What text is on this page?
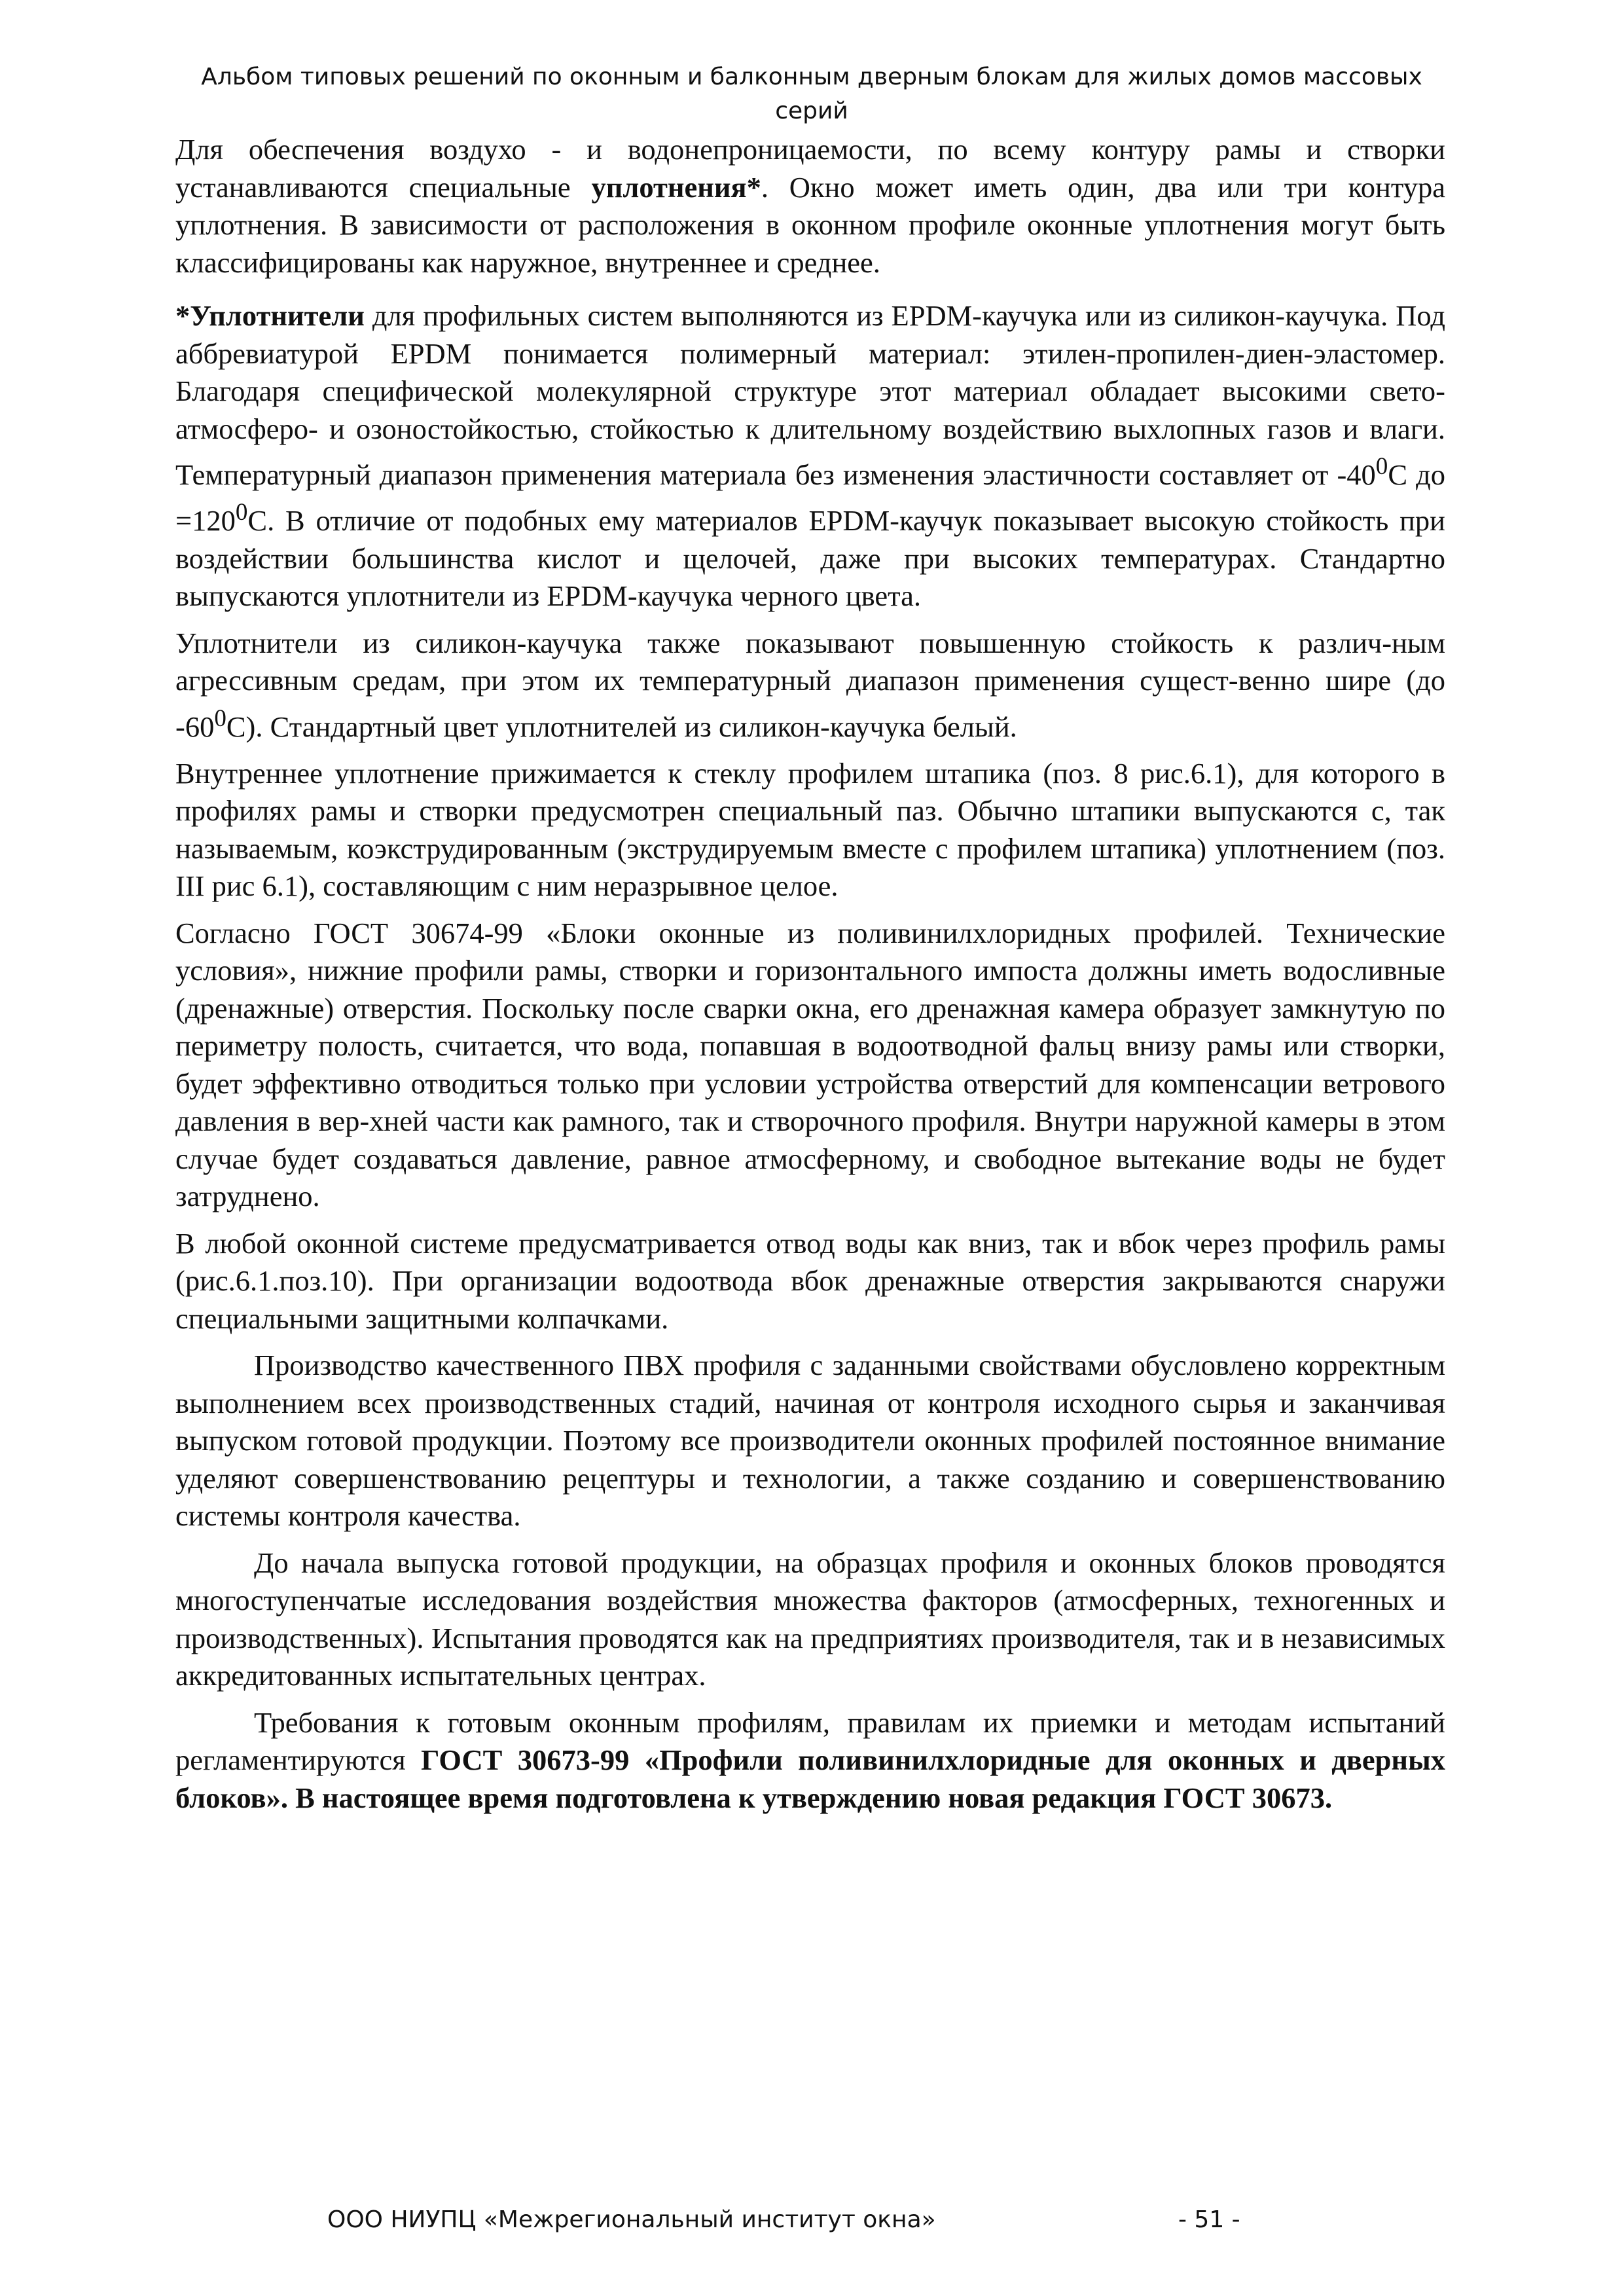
Альбом типовых решений по оконным и балконным дверным блокам для жилых домов массовых
серий

Для обеспечения воздухо - и водонепроницаемости, по всему контуру рамы и створки устанавливаются специальные уплотнения*. Окно может иметь один, два или три контура уплотнения. В зависимости от расположения в оконном профиле оконные уплотнения могут быть классифицированы как наружное, внутреннее и среднее.

*Уплотнители для профильных систем выполняются из EPDM-каучука или из силикон-каучука. Под аббревиатурой EPDM понимается полимерный материал: этилен-пропилен-диен-эластомер. Благодаря специфической молекулярной структуре этот материал обладает высокими свето- атмосферо- и озоностойкостью, стойкостью к длительному воздействию выхлопных газов и влаги. Температурный диапазон применения материала без изменения эластичности составляет от $-40^0С$ до $=120^0С$. В отличие от подобных ему материалов EPDM-каучук показывает высокую стойкость при воздействии большинства кислот и щелочей, даже при высоких температурах. Стандартно выпускаются уплотнители из EPDM-каучука черного цвета.

Уплотнители из силикон-каучука также показывают повышенную стойкость к различ-ным агрессивным средам, при этом их температурный диапазон применения сущест-венно шире (до $-60^0С$). Стандартный цвет уплотнителей из силикон-каучука белый.

Внутреннее уплотнение прижимается к стеклу профилем штапика (поз. 8 рис.6.1), для которого в профилях рамы и створки предусмотрен специальный паз. Обычно штапики выпускаются с, так называемым, коэкструдированным (экструдируемым вместе с профилем штапика) уплотнением (поз. III рис 6.1), составляющим с ним неразрывное целое.

Согласно ГОСТ 30674-99 «Блоки оконные из поливинилхлоридных профилей. Технические условия», нижние профили рамы, створки и горизонтального импоста должны иметь водосливные (дренажные) отверстия. Поскольку после сварки окна, его дренажная камера образует замкнутую по периметру полость, считается, что вода, попавшая в водоотводной фальц внизу рамы или створки, будет эффективно отводиться только при условии устройства отверстий для компенсации ветрового давления в вер-хней части как рамного, так и створочного профиля. Внутри наружной камеры в этом случае будет создаваться давление, равное атмосферному, и свободное вытекание воды не будет затруднено.

В любой оконной системе предусматривается отвод воды как вниз, так и вбок через профиль рамы (рис.6.1.поз.10). При организации водоотвода вбок дренажные отверстия закрываются снаружи специальными защитными колпачками.

Производство качественного ПВХ профиля с заданными свойствами обусловлено корректным выполнением всех производственных стадий, начиная от контроля исходного сырья и заканчивая выпуском готовой продукции. Поэтому все производители оконных профилей постоянное внимание уделяют совершенствованию рецептуры и технологии, а также созданию и совершенствованию системы контроля качества.

До начала выпуска готовой продукции, на образцах профиля и оконных блоков проводятся многоступенчатые исследования воздействия множества факторов (атмосферных, техногенных и производственных). Испытания проводятся как на предприятиях производителя, так и в независимых аккредитованных испытательных центрах.

Требования к готовым оконным профилям, правилам их приемки и методам испытаний регламентируются ГОСТ 30673-99 «Профили поливинилхлоридные для оконных и дверных блоков». В настоящее время подготовлена к утверждению новая редакция ГОСТ 30673.

ООО НИУПЦ «Межрегиональный институт окна»	- 51 -
